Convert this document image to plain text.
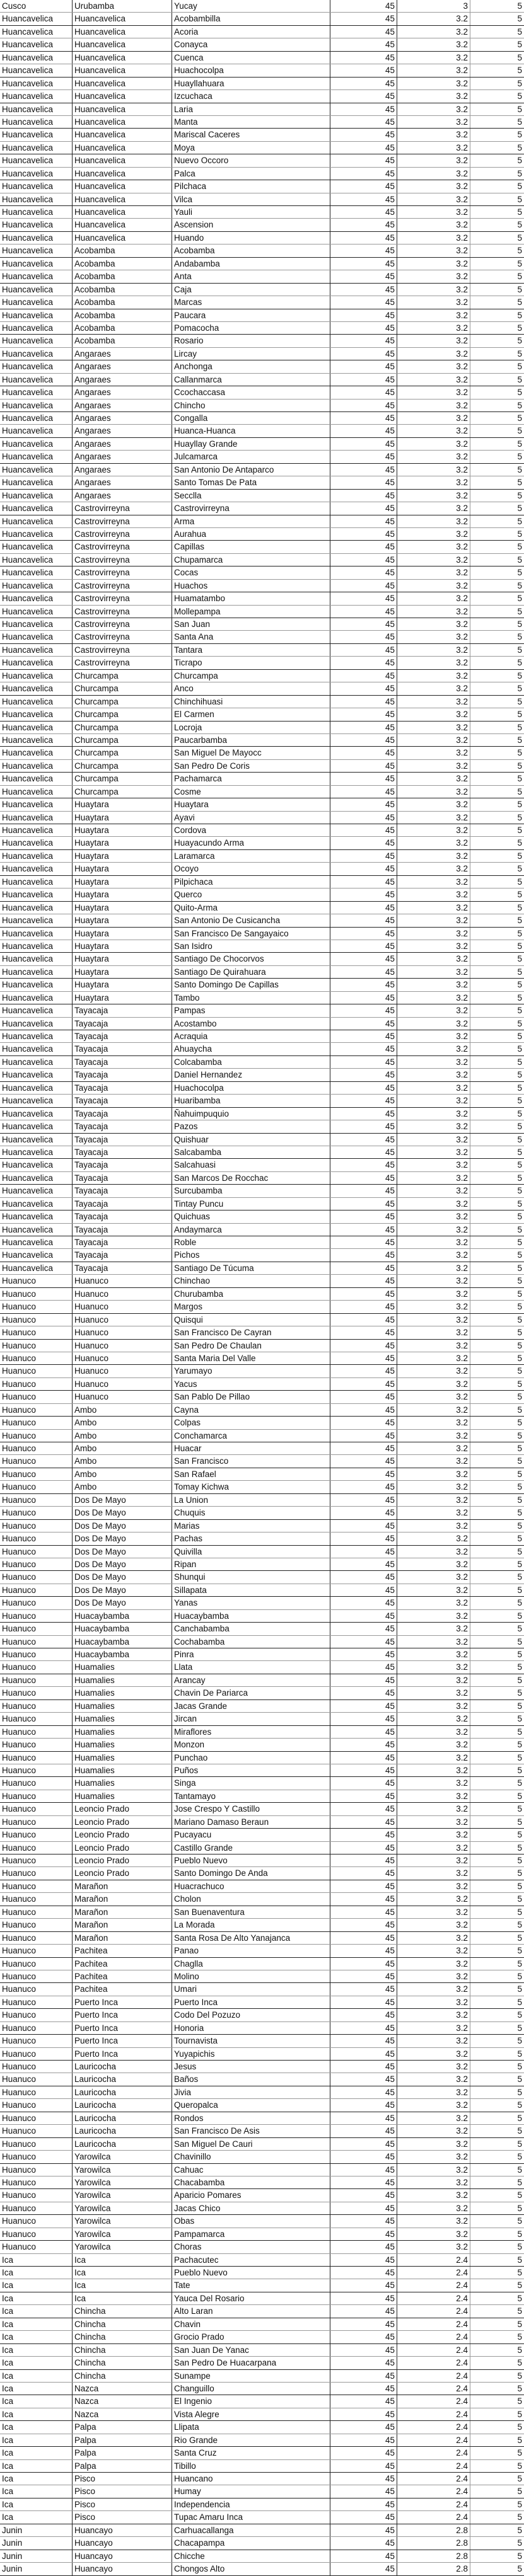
Cusco	Urubamba	Yucay	45	3	5
Huancavelica	Huancavelica	Acobambilla	45	3.2	5
Huancavelica	Huancavelica	Acoria	45	3.2	5
Huancavelica	Huancavelica	Conayca	45	3.2	5
Huancavelica	Huancavelica	Cuenca	45	3.2	5
Huancavelica	Huancavelica	Huachocolpa	45	3.2	5
Huancavelica	Huancavelica	Huayllahuara	45	3.2	5
Huancavelica	Huancavelica	Izcuchaca	45	3.2	5
Huancavelica	Huancavelica	Laria	45	3.2	5
Huancavelica	Huancavelica	Manta	45	3.2	5
Huancavelica	Huancavelica	Mariscal Caceres	45	3.2	5
Huancavelica	Huancavelica	Moya	45	3.2	5
Huancavelica	Huancavelica	Nuevo Occoro	45	3.2	5
Huancavelica	Huancavelica	Palca	45	3.2	5
Huancavelica	Huancavelica	Pilchaca	45	3.2	5
Huancavelica	Huancavelica	Vilca	45	3.2	5
Huancavelica	Huancavelica	Yauli	45	3.2	5
Huancavelica	Huancavelica	Ascension	45	3.2	5
Huancavelica	Huancavelica	Huando	45	3.2	5
Huancavelica	Acobamba	Acobamba	45	3.2	5
Huancavelica	Acobamba	Andabamba	45	3.2	5
Huancavelica	Acobamba	Anta	45	3.2	5
Huancavelica	Acobamba	Caja	45	3.2	5
Huancavelica	Acobamba	Marcas	45	3.2	5
Huancavelica	Acobamba	Paucara	45	3.2	5
Huancavelica	Acobamba	Pomacocha	45	3.2	5
Huancavelica	Acobamba	Rosario	45	3.2	5
Huancavelica	Angaraes	Lircay	45	3.2	5
Huancavelica	Angaraes	Anchonga	45	3.2	5
Huancavelica	Angaraes	Callanmarca	45	3.2	5
Huancavelica	Angaraes	Ccochaccasa	45	3.2	5
Huancavelica	Angaraes	Chincho	45	3.2	5
Huancavelica	Angaraes	Congalla	45	3.2	5
Huancavelica	Angaraes	Huanca-Huanca	45	3.2	5
Huancavelica	Angaraes	Huayllay Grande	45	3.2	5
Huancavelica	Angaraes	Julcamarca	45	3.2	5
Huancavelica	Angaraes	San Antonio De Antaparco	45	3.2	5
Huancavelica	Angaraes	Santo Tomas De Pata	45	3.2	5
Huancavelica	Angaraes	Secclla	45	3.2	5
Huancavelica	Castrovirreyna	Castrovirreyna	45	3.2	5
Huancavelica	Castrovirreyna	Arma	45	3.2	5
Huancavelica	Castrovirreyna	Aurahua	45	3.2	5
Huancavelica	Castrovirreyna	Capillas	45	3.2	5
Huancavelica	Castrovirreyna	Chupamarca	45	3.2	5
Huancavelica	Castrovirreyna	Cocas	45	3.2	5
Huancavelica	Castrovirreyna	Huachos	45	3.2	5
Huancavelica	Castrovirreyna	Huamatambo	45	3.2	5
Huancavelica	Castrovirreyna	Mollepampa	45	3.2	5
Huancavelica	Castrovirreyna	San Juan	45	3.2	5
Huancavelica	Castrovirreyna	Santa Ana	45	3.2	5
Huancavelica	Castrovirreyna	Tantara	45	3.2	5
Huancavelica	Castrovirreyna	Ticrapo	45	3.2	5
Huancavelica	Churcampa	Churcampa	45	3.2	5
Huancavelica	Churcampa	Anco	45	3.2	5
Huancavelica	Churcampa	Chinchihuasi	45	3.2	5
Huancavelica	Churcampa	El Carmen	45	3.2	5
Huancavelica	Churcampa	Locroja	45	3.2	5
Huancavelica	Churcampa	Paucarbamba	45	3.2	5
Huancavelica	Churcampa	San Miguel De Mayocc	45	3.2	5
Huancavelica	Churcampa	San Pedro De Coris	45	3.2	5
Huancavelica	Churcampa	Pachamarca	45	3.2	5
Huancavelica	Churcampa	Cosme	45	3.2	5
Huancavelica	Huaytara	Huaytara	45	3.2	5
Huancavelica	Huaytara	Ayavi	45	3.2	5
Huancavelica	Huaytara	Cordova	45	3.2	5
Huancavelica	Huaytara	Huayacundo Arma	45	3.2	5
Huancavelica	Huaytara	Laramarca	45	3.2	5
Huancavelica	Huaytara	Ocoyo	45	3.2	5
Huancavelica	Huaytara	Pilpichaca	45	3.2	5
Huancavelica	Huaytara	Querco	45	3.2	5
Huancavelica	Huaytara	Quito-Arma	45	3.2	5
Huancavelica	Huaytara	San Antonio De Cusicancha	45	3.2	5
Huancavelica	Huaytara	San Francisco De Sangayaico	45	3.2	5
Huancavelica	Huaytara	San Isidro	45	3.2	5
Huancavelica	Huaytara	Santiago De Chocorvos	45	3.2	5
Huancavelica	Huaytara	Santiago De Quirahuara	45	3.2	5
Huancavelica	Huaytara	Santo Domingo De Capillas	45	3.2	5
Huancavelica	Huaytara	Tambo	45	3.2	5
Huancavelica	Tayacaja	Pampas	45	3.2	5
Huancavelica	Tayacaja	Acostambo	45	3.2	5
Huancavelica	Tayacaja	Acraquia	45	3.2	5
Huancavelica	Tayacaja	Ahuaycha	45	3.2	5
Huancavelica	Tayacaja	Colcabamba	45	3.2	5
Huancavelica	Tayacaja	Daniel Hernandez	45	3.2	5
Huancavelica	Tayacaja	Huachocolpa	45	3.2	5
Huancavelica	Tayacaja	Huaribamba	45	3.2	5
Huancavelica	Tayacaja	Ñahuimpuquio	45	3.2	5
Huancavelica	Tayacaja	Pazos	45	3.2	5
Huancavelica	Tayacaja	Quishuar	45	3.2	5
Huancavelica	Tayacaja	Salcabamba	45	3.2	5
Huancavelica	Tayacaja	Salcahuasi	45	3.2	5
Huancavelica	Tayacaja	San Marcos De Rocchac	45	3.2	5
Huancavelica	Tayacaja	Surcubamba	45	3.2	5
Huancavelica	Tayacaja	Tintay Puncu	45	3.2	5
Huancavelica	Tayacaja	Quichuas	45	3.2	5
Huancavelica	Tayacaja	Andaymarca	45	3.2	5
Huancavelica	Tayacaja	Roble	45	3.2	5
Huancavelica	Tayacaja	Pichos	45	3.2	5
Huancavelica	Tayacaja	Santiago De Túcuma	45	3.2	5
Huanuco	Huanuco	Chinchao	45	3.2	5
Huanuco	Huanuco	Churubamba	45	3.2	5
Huanuco	Huanuco	Margos	45	3.2	5
Huanuco	Huanuco	Quisqui	45	3.2	5
Huanuco	Huanuco	San Francisco De Cayran	45	3.2	5
Huanuco	Huanuco	San Pedro De Chaulan	45	3.2	5
Huanuco	Huanuco	Santa Maria Del Valle	45	3.2	5
Huanuco	Huanuco	Yarumayo	45	3.2	5
Huanuco	Huanuco	Yacus	45	3.2	5
Huanuco	Huanuco	San Pablo De Pillao	45	3.2	5
Huanuco	Ambo	Cayna	45	3.2	5
Huanuco	Ambo	Colpas	45	3.2	5
Huanuco	Ambo	Conchamarca	45	3.2	5
Huanuco	Ambo	Huacar	45	3.2	5
Huanuco	Ambo	San Francisco	45	3.2	5
Huanuco	Ambo	San Rafael	45	3.2	5
Huanuco	Ambo	Tomay Kichwa	45	3.2	5
Huanuco	Dos De Mayo	La Union	45	3.2	5
Huanuco	Dos De Mayo	Chuquis	45	3.2	5
Huanuco	Dos De Mayo	Marias	45	3.2	5
Huanuco	Dos De Mayo	Pachas	45	3.2	5
Huanuco	Dos De Mayo	Quivilla	45	3.2	5
Huanuco	Dos De Mayo	Ripan	45	3.2	5
Huanuco	Dos De Mayo	Shunqui	45	3.2	5
Huanuco	Dos De Mayo	Sillapata	45	3.2	5
Huanuco	Dos De Mayo	Yanas	45	3.2	5
Huanuco	Huacaybamba	Huacaybamba	45	3.2	5
Huanuco	Huacaybamba	Canchabamba	45	3.2	5
Huanuco	Huacaybamba	Cochabamba	45	3.2	5
Huanuco	Huacaybamba	Pinra	45	3.2	5
Huanuco	Huamalies	Llata	45	3.2	5
Huanuco	Huamalies	Arancay	45	3.2	5
Huanuco	Huamalies	Chavin De Pariarca	45	3.2	5
Huanuco	Huamalies	Jacas Grande	45	3.2	5
Huanuco	Huamalies	Jircan	45	3.2	5
Huanuco	Huamalies	Miraflores	45	3.2	5
Huanuco	Huamalies	Monzon	45	3.2	5
Huanuco	Huamalies	Punchao	45	3.2	5
Huanuco	Huamalies	Puños	45	3.2	5
Huanuco	Huamalies	Singa	45	3.2	5
Huanuco	Huamalies	Tantamayo	45	3.2	5
Huanuco	Leoncio Prado	Jose Crespo Y Castillo	45	3.2	5
Huanuco	Leoncio Prado	Mariano Damaso Beraun	45	3.2	5
Huanuco	Leoncio Prado	Pucayacu	45	3.2	5
Huanuco	Leoncio Prado	Castillo Grande	45	3.2	5
Huanuco	Leoncio Prado	Pueblo Nuevo	45	3.2	5
Huanuco	Leoncio Prado	Santo Domingo De Anda	45	3.2	5
Huanuco	Marañon	Huacrachuco	45	3.2	5
Huanuco	Marañon	Cholon	45	3.2	5
Huanuco	Marañon	San Buenaventura	45	3.2	5
Huanuco	Marañon	La Morada	45	3.2	5
Huanuco	Marañon	Santa Rosa De Alto Yanajanca	45	3.2	5
Huanuco	Pachitea	Panao	45	3.2	5
Huanuco	Pachitea	Chaglla	45	3.2	5
Huanuco	Pachitea	Molino	45	3.2	5
Huanuco	Pachitea	Umari	45	3.2	5
Huanuco	Puerto Inca	Puerto Inca	45	3.2	5
Huanuco	Puerto Inca	Codo Del Pozuzo	45	3.2	5
Huanuco	Puerto Inca	Honoria	45	3.2	5
Huanuco	Puerto Inca	Tournavista	45	3.2	5
Huanuco	Puerto Inca	Yuyapichis	45	3.2	5
Huanuco	Lauricocha	Jesus	45	3.2	5
Huanuco	Lauricocha	Baños	45	3.2	5
Huanuco	Lauricocha	Jivia	45	3.2	5
Huanuco	Lauricocha	Queropalca	45	3.2	5
Huanuco	Lauricocha	Rondos	45	3.2	5
Huanuco	Lauricocha	San Francisco De Asis	45	3.2	5
Huanuco	Lauricocha	San Miguel De Cauri	45	3.2	5
Huanuco	Yarowilca	Chavinillo	45	3.2	5
Huanuco	Yarowilca	Cahuac	45	3.2	5
Huanuco	Yarowilca	Chacabamba	45	3.2	5
Huanuco	Yarowilca	Aparicio Pomares	45	3.2	5
Huanuco	Yarowilca	Jacas Chico	45	3.2	5
Huanuco	Yarowilca	Obas	45	3.2	5
Huanuco	Yarowilca	Pampamarca	45	3.2	5
Huanuco	Yarowilca	Choras	45	3.2	5
Ica	Ica	Pachacutec	45	2.4	5
Ica	Ica	Pueblo Nuevo	45	2.4	5
Ica	Ica	Tate	45	2.4	5
Ica	Ica	Yauca Del Rosario	45	2.4	5
Ica	Chincha	Alto Laran	45	2.4	5
Ica	Chincha	Chavin	45	2.4	5
Ica	Chincha	Grocio Prado	45	2.4	5
Ica	Chincha	San Juan De Yanac	45	2.4	5
Ica	Chincha	San Pedro De Huacarpana	45	2.4	5
Ica	Chincha	Sunampe	45	2.4	5
Ica	Nazca	Changuillo	45	2.4	5
Ica	Nazca	El Ingenio	45	2.4	5
Ica	Nazca	Vista Alegre	45	2.4	5
Ica	Palpa	Llipata	45	2.4	5
Ica	Palpa	Rio Grande	45	2.4	5
Ica	Palpa	Santa Cruz	45	2.4	5
Ica	Palpa	Tibillo	45	2.4	5
Ica	Pisco	Huancano	45	2.4	5
Ica	Pisco	Humay	45	2.4	5
Ica	Pisco	Independencia	45	2.4	5
Ica	Pisco	Tupac Amaru Inca	45	2.4	5
Junin	Huancayo	Carhuacallanga	45	2.8	5
Junin	Huancayo	Chacapampa	45	2.8	5
Junin	Huancayo	Chicche	45	2.8	5
Junin	Huancayo	Chongos Alto	45	2.8	5
